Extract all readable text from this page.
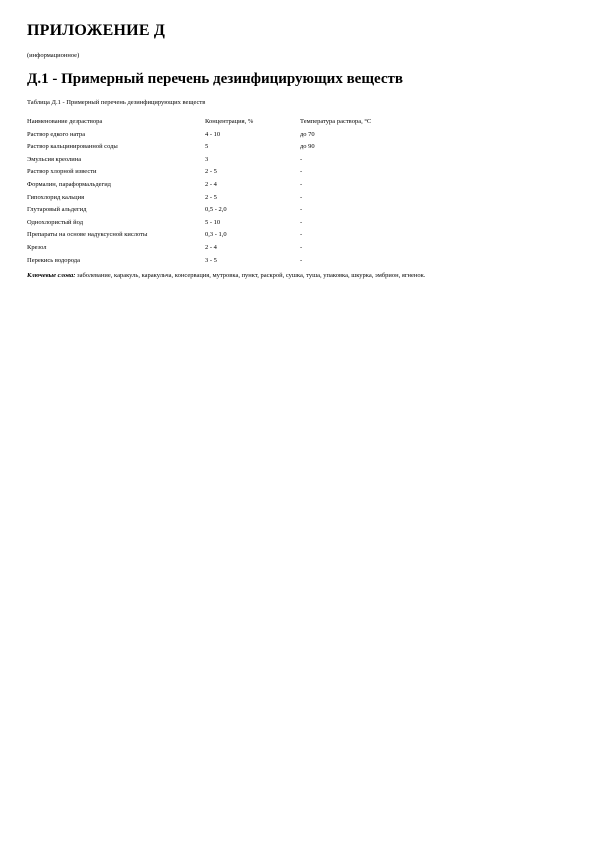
ПРИЛОЖЕНИЕ Д
(информационное)
Д.1 - Примерный перечень дезинфицирующих веществ
Таблица Д.1 - Примерный перечень дезинфицирующих веществ
Наименование дезраствора	Концентрация, %	Температура раствора, °С
Раствор едкого натра	4 - 10	до 70
Раствор кальцинированной соды	5	до 90
Эмульсия креолина	3	-
Раствор хлорной извести	2 - 5	-
Формалин, параформальдегид	2 - 4	-
Гипохлорид кальция	2 - 5	-
Глутаровый альдегид	0,5 - 2,0	-
Однохлористый йод	5 - 10	-
Препараты на основе надуксусной кислоты	0,3 - 1,0	-
Крезол	2 - 4	-
Перекись водорода	3 - 5	-
Ключевые слова: заболевание, каракуль, каракульча, консервация, мутровка, пункт, раскрой, сушка, туша, упаковка, шкурка, эмбрион, ягненок.
